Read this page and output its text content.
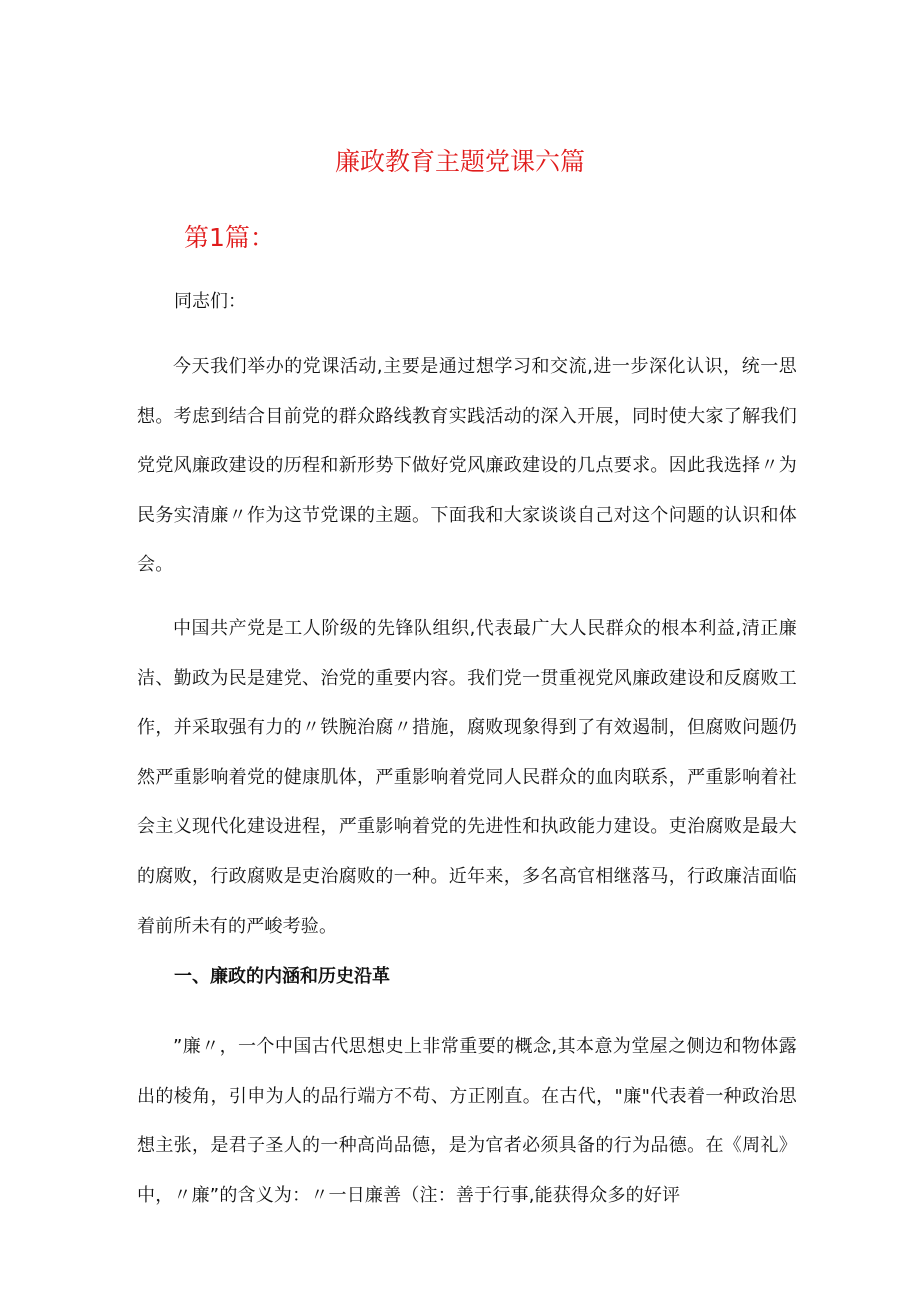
廉政教育主题党课六篇
第1篇：
同志们：

今天我们举办的党课活动,主要是通过想学习和交流,进一步深化认识，统一思想。考虑到结合目前党的群众路线教育实践活动的深入开展，同时使大家了解我们党党风廉政建设的历程和新形势下做好党风廉政建设的几点要求。因此我选择〃为民务实清廉〃作为这节党课的主题。下面我和大家谈谈自己对这个问题的认识和体会。

中国共产党是工人阶级的先锋队组织,代表最广大人民群众的根本利益,清正廉洁、勤政为民是建党、治党的重要内容。我们党一贯重视党风廉政建设和反腐败工作，并采取强有力的〃铁腕治腐〃措施，腐败现象得到了有效遏制，但腐败问题仍然严重影响着党的健康肌体，严重影响着党同人民群众的血肉联系，严重影响着社会主义现代化建设进程，严重影响着党的先进性和执政能力建设。吏治腐败是最大的腐败，行政腐败是吏治腐败的一种。近年来，多名高官相继落马，行政廉洁面临着前所未有的严峻考验。

一、廉政的内涵和历史沿革

”廉〃，一个中国古代思想史上非常重要的概念,其本意为堂屋之侧边和物体露出的棱角，引申为人的品行端方不苟、方正刚直。在古代，"廉"代表着一种政治思想主张，是君子圣人的一种高尚品德，是为官者必须具备的行为品德。在《周礼》中，〃廉”的含义为：〃一日廉善（注：善于行事,能获得众多的好评
